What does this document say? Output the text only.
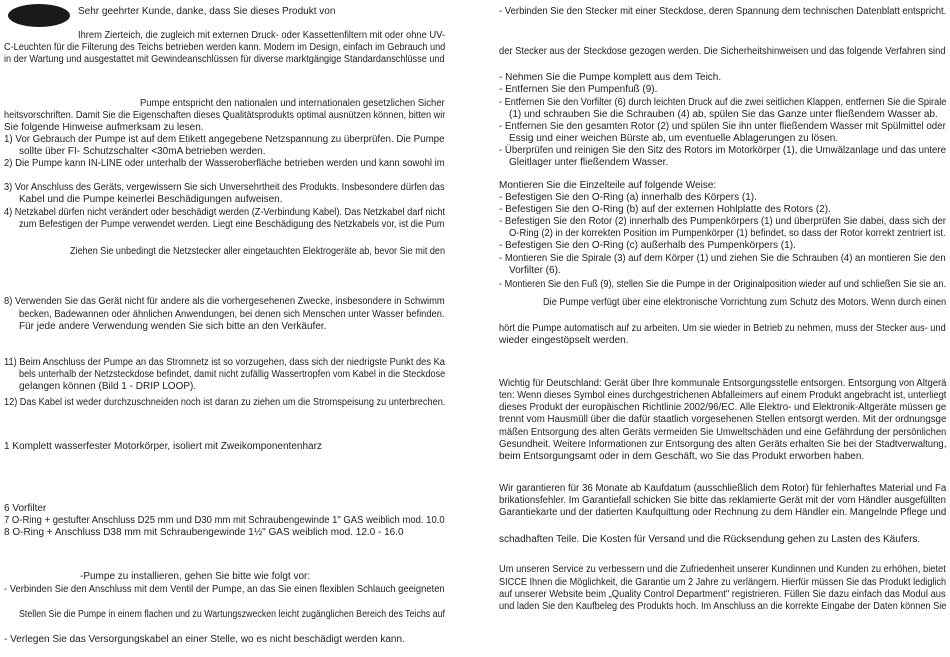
Sehr geehrter Kunde, danke, dass Sie dieses Produkt von
Ihrem Zierteich, die zugleich mit externen Druck- oder Kassettenfiltern mit oder ohne UV-
C-Leuchten für die Filterung des Teichs betrieben werden kann. Modern im Design, einfach im Gebrauch und
in der Wartung und ausgestattet mit Gewindeanschlüssen für diverse marktgängige Standardanschlüsse und
Pumpe entspricht den nationalen und internationalen gesetzlichen Sicher
heitsvorschriften. Damit Sie die Eigenschaften dieses Qualitätsprodukts optimal ausnützen können, bitten wir
Sie folgende Hinweise aufmerksam zu lesen.
1) Vor Gebrauch der Pumpe ist auf dem Etikett angegebene Netzspannung zu überprüfen. Die Pumpe
sollte über FI- Schutzschalter <30mA betrieben werden.
2) Die Pumpe kann IN-LINE oder unterhalb der Wasseroberfläche betrieben werden und kann sowohl im
3) Vor Anschluss des Geräts, vergewissern Sie sich Unversehrtheit des Produkts. Insbesondere dürfen das
Kabel und die Pumpe keinerlei Beschädigungen aufweisen.
4) Netzkabel dürfen nicht verändert oder beschädigt werden (Z-Verbindung Kabel). Das Netzkabel darf nicht
zum Befestigen der Pumpe verwendet werden. Liegt eine Beschädigung des Netzkabels vor, ist die Pum
Ziehen Sie unbedingt die Netzstecker aller eingetauchten Elektrogeräte ab, bevor Sie mit den
8) Verwenden Sie das Gerät nicht für andere als die vorhergesehenen Zwecke, insbesondere in Schwimm
becken, Badewannen oder ähnlichen Anwendungen, bei denen sich Menschen unter Wasser befinden.
Für jede andere Verwendung wenden Sie sich bitte an den Verkäufer.
11) Beim Anschluss der Pumpe an das Stromnetz ist so vorzugehen, dass sich der niedrigste Punkt des Ka
bels unterhalb der Netzsteckdose befindet, damit nicht zufällig Wassertropfen vom Kabel in die Steckdose
gelangen können (Bild 1 - DRIP LOOP).
12) Das Kabel ist weder durchzuschneiden noch ist daran zu ziehen um die Stromspeisung zu unterbrechen.
1 Komplett wasserfester Motorkörper, isoliert mit Zweikomponentenharz
6 Vorfilter
7 O-Ring + gestufter Anschluss D25 mm und D30 mm mit Schraubengewinde 1" GAS weiblich mod. 10.0
8 O-Ring + Anschluss D38 mm mit Schraubengewinde 1½" GAS weiblich mod. 12.0 - 16.0
-Pumpe zu installieren, gehen Sie bitte wie folgt vor:
- Verbinden Sie den Anschluss mit dem Ventil der Pumpe, an das Sie einen flexiblen Schlauch geeigneten
Stellen Sie die Pumpe in einem flachen und zu Wartungszwecken leicht zugänglichen Bereich des Teichs auf
- Verlegen Sie das Versorgungskabel an einer Stelle, wo es nicht beschädigt werden kann.
- Verbinden Sie den Stecker mit einer Steckdose, deren Spannung dem technischen Datenblatt entspricht.
der Stecker aus der Steckdose gezogen werden. Die Sicherheitshinweisen und das folgende Verfahren sind
- Nehmen Sie die Pumpe komplett aus dem Teich.
- Entfernen Sie den Pumpenfuß (9).
- Entfernen Sie den Vorfilter (6) durch leichten Druck auf die zwei seitlichen Klappen, entfernen Sie die Spirale
(1) und schrauben Sie die Schrauben (4) ab, spülen Sie das Ganze unter fließendem Wasser ab.
- Entfernen Sie den gesamten Rotor (2) und spülen Sie ihn unter fließendem Wasser mit Spülmittel oder
Essig und einer weichen Bürste ab, um eventuelle Ablagerungen zu lösen.
- Überprüfen und reinigen Sie den Sitz des Rotors im Motorkörper (1), die Umwälzanlage und das untere
Gleitlager unter fließendem Wasser.
Montieren Sie die Einzelteile auf folgende Weise:
- Befestigen Sie den O-Ring (a) innerhalb des Körpers (1).
- Befestigen Sie den O-Ring (b) auf der externen Hohlplatte des Rotors (2).
- Befestigen Sie den Rotor (2) innerhalb des Pumpenkörpers (1) und überprüfen Sie dabei, dass sich der
O-Ring (2) in der korrekten Position im Pumpenkörper (1) befindet, so dass der Rotor korrekt zentriert ist.
- Befestigen Sie den O-Ring (c) außerhalb des Pumpenkörpers (1).
- Montieren Sie die Spirale (3) auf dem Körper (1) und ziehen Sie die Schrauben (4) an montieren Sie den
Vorfilter (6).
- Montieren Sie den Fuß (9), stellen Sie die Pumpe in der Originalposition wieder auf und schließen Sie sie an.
Die Pumpe verfügt über eine elektronische Vorrichtung zum Schutz des Motors. Wenn durch einen
hört die Pumpe automatisch auf zu arbeiten. Um sie wieder in Betrieb zu nehmen, muss der Stecker aus- und
wieder eingestöpselt werden.
Wichtig für Deutschland: Gerät über Ihre kommunale Entsorgungsstelle entsorgen. Entsorgung von Altgerä
ten: Wenn dieses Symbol eines durchgestrichenen Abfalleimers auf einem Produkt angebracht ist, unterliegt
dieses Produkt der europäischen Richtlinie 2002/96/EC. Alle Elektro- und Elektronik-Altgeräte müssen ge
trennt vom Hausmüll über die dafür staatlich vorgesehenen Stellen entsorgt werden. Mit der ordnungsge
mäßen Entsorgung des alten Geräts vermeiden Sie Umweltschäden und eine Gefährdung der persönlichen
Gesundheit. Weitere Informationen zur Entsorgung des alten Geräts erhalten Sie bei der Stadtverwaltung,
beim Entsorgungsamt oder in dem Geschäft, wo Sie das Produkt erworben haben.
Wir garantieren für 36 Monate ab Kaufdatum (ausschließlich dem Rotor) für fehlerhaftes Material und Fa
brikationsfehler. Im Garantiefall schicken Sie bitte das reklamierte Gerät mit der vom Händler ausgefüllten
Garantiekarte und der datierten Kaufquittung oder Rechnung zu dem Händler ein. Mangelnde Pflege und
schadhaften Teile. Die Kosten für Versand und die Rücksendung gehen zu Lasten des Käufers.
Um unseren Service zu verbessern und die Zufriedenheit unserer Kundinnen und Kunden zu erhöhen, bietet
SICCE Ihnen die Möglichkeit, die Garantie um 2 Jahre zu verlängern. Hierfür müssen Sie das Produkt lediglich
auf unserer Website beim „Quality Control Department" registrieren. Füllen Sie dazu einfach das Modul aus
und laden Sie den Kaufbeleg des Produkts hoch. Im Anschluss an die korrekte Eingabe der Daten können Sie
